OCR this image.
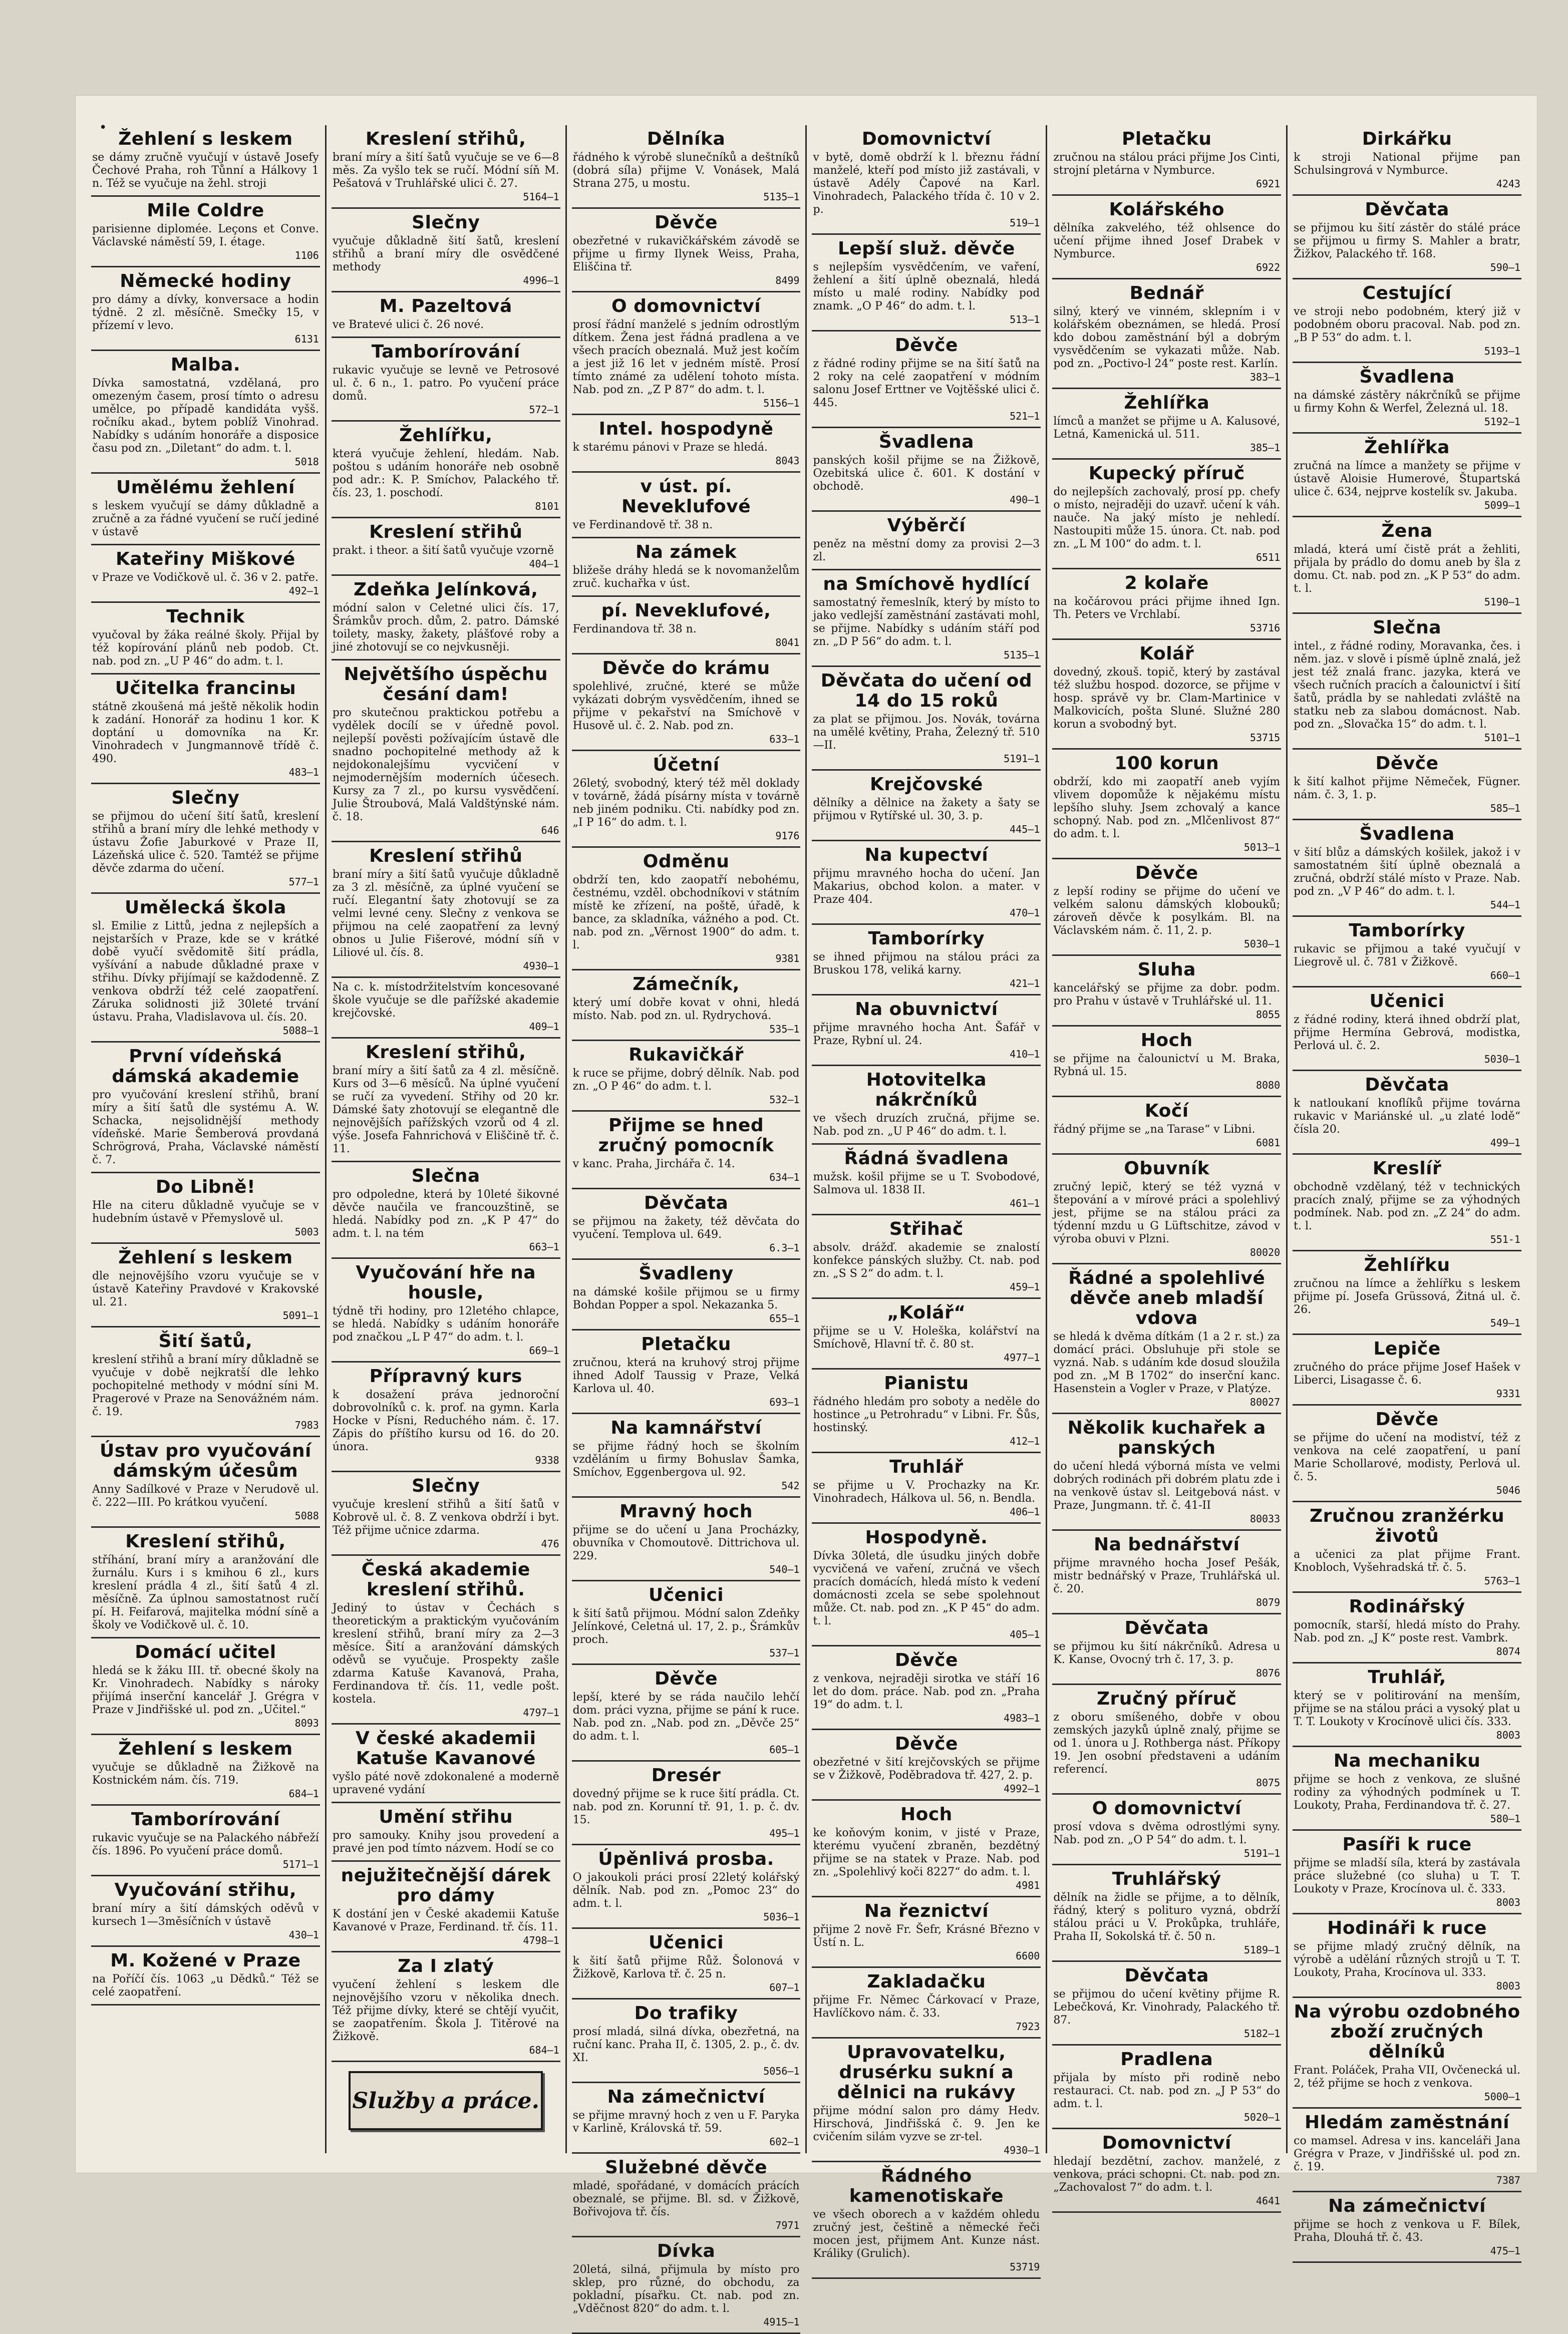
•
Žehlení s leskem

se dámy zručně vyučují v ústavě Josefy Čechové Praha, roh Tůnní a Hálkovy 1 n. Též se vyučuje na žehl. stroji

Mile Coldre

parisienne diplomée. Leçons et Conve. Václavské náměstí 59, I. étage.

1106
Německé hodiny

pro dámy a dívky, konversace a hodin týdně. 2 zl. měsíčně. Smečky 15, v přízemí v levo.

6131
Malba.

Dívka samostatná, vzdělaná, pro omezeným časem, prosí tímto o adresu umělce, po případě kandidáta vyšš. ročníku akad., bytem poblíž Vinohrad. Nabídky s udáním honoráře a disposice času pod zn. „Diletant“ do adm. t. l.

5018
Umělému žehlení

s leskem vyučují se dámy důkladně a zručně a za řádné vyučení se ručí jediné v ústavě

Kateřiny Miškové

v Praze ve Vodičkově ul. č. 36 v 2. patře.

492—1
Technik

vyučoval by žáka reálné školy. Přijal by též kopírování plánů neb podob. Ct. nab. pod zn. „U P 46“ do adm. t. l.

Učitelka francinы

státně zkoušená má ještě několik hodin k zadání. Honorář za hodinu 1 kor. K doptání u domovníka na Kr. Vinohradech v Jungmannově třídě č. 490.

483—1
Slečny

se přijmou do učení šití šatů, kreslení střihů a braní míry dle lehké methody v ústavu Žofie Jaburkové v Praze II, Lázeňská ulice č. 520. Tamtéž se přijme děvče zdarma do učení.

577—1
Umělecká škola

sl. Emilie z Littů, jedna z nejlepších a nejstarších v Praze, kde se v krátké době vyučí svědomitě šití prádla, vyšívání a nabude důkladné praxe v střihu. Dívky přijímají se každodenně. Z venkova obdrží též celé zaopatření. Záruka solidnosti již 30leté trvání ústavu. Praha, Vladislavova ul. čís. 20.

5088—1
První vídeňská dámská akademie

pro vyučování kreslení střihů, braní míry a šití šatů dle systému A. W. Schacka, nejsolidnější methody vídeňské. Marie Šemberová provdaná Schrögrová, Praha, Václavské náměstí č. 7.

Do Libně!

Hle na citeru důkladně vyučuje se v hudebním ústavě v Přemyslově ul.

5003
Žehlení s leskem

dle nejnovějšího vzoru vyučuje se v ústavě Kateřiny Pravdové v Krakovské ul. 21.

5091—1
Šití šatů,

kreslení střihů a braní míry důkladně se vyučuje v době nejkratší dle lehko pochopitelné methody v módní síni M. Pragerové v Praze na Senovážném nám. č. 19.

7983
Ústav pro vyučování dámským účesům

Anny Sadílkové v Praze v Nerudově ul. č. 222—III. Po krátkou vyučení.

5088
Kreslení střihů,

stříhání, braní míry a aranžování dle žurnálu. Kurs i s kmihou 6 zl., kurs kreslení prádla 4 zl., šití šatů 4 zl. měsíčně. Za úplnou samostatnost ručí pí. H. Feifarová, majitelka módní síně a školy ve Vodičkově ul. č. 10.

Domácí učitel

hledá se k žáku III. tř. obecné školy na Kr. Vinohradech. Nabídky s nároky přijímá inserční kancelář J. Grégra v Praze v Jindřišské ul. pod zn. „Učitel.“

8093
Žehlení s leskem

vyučuje se důkladně na Žižkově na Kostnickém nám. čís. 719.

684—1
Tamborírování

rukavic vyučuje se na Palackého nábřeží čís. 1896. Po vyučení práce domů.

5171—1
Vyučování střihu,

braní míry a šití dámských oděvů v kursech 1—3měsíčních v ústavě

430—1
M. Kožené v Praze

na Poříčí čís. 1063 „u Dědků.“ Též se celé zaopatření.

Kreslení střihů,

braní míry a šití šatů vyučuje se ve 6—8 měs. Za vyšlo tek se ručí. Módní síň M. Pešatová v Truhlářské ulici č. 27.

5164—1
Slečny

vyučuje důkladně šití šatů, kreslení střihů a braní míry dle osvědčené methody

4996—1
M. Pazeltová

ve Bratevé ulici č. 26 nové.

Tamborírování

rukavic vyučuje se levně ve Petrosové ul. č. 6 n., 1. patro. Po vyučení práce domů.

572—1
Žehlířku,

která vyučuje žehlení, hledám. Nab. poštou s udáním honoráře neb osobně pod adr.: K. P. Smíchov, Palackého tř. čís. 23, 1. poschodí.

8101
Kreslení střihů

prakt. i theor. a šití šatů vyučuje vzorně

404—1
Zdeňka Jelínková,

módní salon v Celetné ulici čís. 17, Šrámkův proch. dům, 2. patro. Dámské toilety, masky, žakety, plášťové roby a jiné zhotovují se co nejvkusněji.

Největšího úspěchu česání dam!

pro skutečnou praktickou potřebu a vydělek docílí se v úředně povol. nejlepší pověsti požívajícím ústavě dle snadno pochopitelné methody až k nejdokonalejšímu vycvičení v nejmodernějším moderních účesech. Kursy za 7 zl., po kursu vysvědčení. Julie Štroubová, Malá Valdštýnské nám. č. 18.

646
Kreslení střihů

braní míry a šití šatů vyučuje důkladně za 3 zl. měsíčně, za úplné vyučení se ručí. Elegantní šaty zhotovují se za velmi levné ceny. Slečny z venkova se přijmou na celé zaopatření za levný obnos u Julie Fišerové, módní síň v Liliové ul. čís. 8.

4930—1

Na c. k. místodržitelstvím koncesované škole vyučuje se dle pařížské akademie krejčovské.

409—1
Kreslení střihů,

braní míry a šití šatů za 4 zl. měsíčně. Kurs od 3—6 měsíců. Na úplné vyučení se ručí za vyvedení. Střihy od 20 kr. Dámské šaty zhotovují se elegantně dle nejnovějších pařížských vzorů od 4 zl. výše. Josefa Fahnrichová v Eliščině tř. č. 11.

Slečna

pro odpoledne, která by 10leté šikovné děvče naučila ve francouzštině, se hledá. Nabídky pod zn. „K P 47“ do adm. t. l. na tém

663—1
Vyučování hře na housle,

týdně tři hodiny, pro 12letého chlapce, se hledá. Nabídky s udáním honoráře pod značkou „L P 47“ do adm. t. l.

669—1
Přípravný kurs

k dosažení práva jednoroční dobrovolníků c. k. prof. na gymn. Karla Hocke v Písni, Reduchého nám. č. 17. Zápis do příštího kursu od 16. do 20. února.

9338
Slečny

vyučuje kreslení střihů a šití šatů v Kobrově ul. č. 8. Z venkova obdrží i byt. Též přijme učnice zdarma.

476
Česká akademie kreslení střihů.

Jediný to ústav v Čechách s theoretickým a praktickým vyučováním kreslení střihů, braní míry za 2—3 měsíce. Šití a aranžování dámských oděvů se vyučuje. Prospekty zašle zdarma Katuše Kavanová, Praha, Ferdinandova tř. čís. 11, vedle pošt. kostela.

4797—1
V české akademii Katuše Kavanové

vyšlo páté nově zdokonalené a moderně upravené vydání

Umění střihu

pro samouky. Knihy jsou provedení a pravé jen pod tímto názvem. Hodí se co

nejužitečnější dárek pro dámy

K dostání jen v České akademii Katuše Kavanové v Praze, Ferdinand. tř. čís. 11.

4798—1
Za I zlatý

vyučení žehlení s leskem dle nejnovějšího vzoru v několika dnech. Též přijme dívky, které se chtějí vyučit, se zaopatřením. Škola J. Titěrové na Žižkově.

684—1
Služby a práce.
Dělníka

řádného k výrobě slunečníků a deštníků (dobrá síla) přijme V. Vonásek, Malá Strana 275, u mostu.

5135—1
Děvče

obezřetné v rukavičkářském závodě se přijme u firmy Ilynek Weiss, Praha, Eliščina tř.

8499
O domovnictví

prosí řádní manželé s jedním odrostlým dítkem. Žena jest řádná pradlena a ve všech pracích obeznalá. Muž jest kočím a jest již 16 let v jedném místě. Prosí tímto známé za udělení tohoto místa. Nab. pod zn. „Z P 87“ do adm. t. l.

5156—1
Intel. hospodyně

k starému pánovi v Praze se hledá.

8043
v úst. pí. Neveklufové

ve Ferdinandově tř. 38 n.

Na zámek

bližeše dráhy hledá se k novomanželům zruč. kuchařka v úst.

pí. Neveklufové,

Ferdinandova tř. 38 n.

8041
Děvče do krámu

spolehlivé, zručné, které se může vykázati dobrým vysvědčením, ihned se přijme v pekařství na Smíchově v Husově ul. č. 2. Nab. pod zn.

633—1
Účetní

26letý, svobodný, který též měl doklady v továrně, žádá písárny místa v továrně neb jiném podniku. Cti. nabídky pod zn. „I P 16“ do adm. t. l.

9176
Odměnu

obdrží ten, kdo zaopatří nebohému, čestnému, vzděl. obchodníkovi v státním místě ke zřízení, na poště, úřadě, k bance, za skladníka, vážného a pod. Ct. nab. pod zn. „Věrnost 1900“ do adm. t. l.

9381
Zámečník,

který umí dobře kovat v ohni, hledá místo. Nab. pod zn. ul. Rydrychová.

535—1
Rukavičkář

k ruce se přijme, dobrý dělník. Nab. pod zn. „O P 46“ do adm. t. l.

532—1
Přijme se hned zručný pomocník

v kanc. Praha, Jirchářa č. 14.

634—1
Děvčata

se přijmou na žakety, též děvčata do vyučení. Templova ul. 649.

6.3—1
Švadleny

na dámské košile přijmou se u firmy Bohdan Popper a spol. Nekazanka 5.

655—1
Pletačku

zručnou, která na kruhový stroj přijme ihned Adolf Taussig v Praze, Velká Karlova ul. 40.

693—1
Na kamnářství

se přijme řádný hoch se školním vzděláním u firmy Bohuslav Šamka, Smíchov, Eggenbergova ul. 92.

542
Mravný hoch

přijme se do učení u Jana Procházky, obuvníka v Chomoutově. Dittrichova ul. 229.

540—1
Učenici

k šití šatů přijmou. Módní salon Zdeňky Jelínkové, Celetná ul. 17, 2. p., Šrámkův proch.

537—1
Děvče

lepší, které by se ráda naučilo lehčí dom. práci vyzna, přijme se pání k ruce. Nab. pod zn. „Nab. pod zn. „Děvče 25“ do adm. t. l.

605—1
Dresér

dovedný přijme se k ruce šití prádla. Ct. nab. pod zn. Korunní tř. 91, 1. p. č. dv. 15.

495—1
Úpěnlivá prosba.

O jakoukoli práci prosí 22letý kolářský dělník. Nab. pod zn. „Pomoc 23“ do adm. t. l.

5036—1
Učenici

k šití šatů přijme Růž. Šolonová v Žižkově, Karlova tř. č. 25 n.

607—1
Do trafiky

prosí mladá, silná dívka, obezřetná, na ruční kanc. Praha II, č. 1305, 2. p., č. dv. XI.

5056—1
Na zámečnictví

se přijme mravný hoch z ven u F. Paryka v Karlině, Královská tř. 59.

602—1
Služebné děvče

mladé, spořádané, v domácích prácích obeznalé, se přijme. Bl. sd. v Žižkově, Bořivojova tř. čís.

7971
Dívka

20letá, silná, přijmula by místo pro sklep, pro různé, do obchodu, za pokladní, písařku. Ct. nab. pod zn. „Vděčnost 820“ do adm. t. l.

4915—1
Domovnictví

v bytě, domě obdrží k l. březnu řádní manželé, kteří pod místo již zastávali, v ústavě Adély Čapové na Karl. Vinohradech, Palackého třída č. 10 v 2. p.

519—1
Lepší služ. děvče

s nejlepším vysvědčením, ve vaření, žehlení a šití úplně obeznalá, hledá místo u malé rodiny. Nabídky pod znamk. „O P 46“ do adm. t. l.

513—1
Děvče

z řádné rodiny přijme se na šití šatů na 2 roky na celé zaopatření v módním salonu Josef Erttner ve Vojtěšské ulici č. 445.

521—1
Švadlena

panských košil přijme se na Žižkově, Ozebitská ulice č. 601. K dostání v obchodě.

490—1
Výběrčí

peněz na městní domy za provisi 2—3 zl.

na Smíchově hydlící

samostatný řemeslník, který by místo to jako vedlejší zaměstnání zastávati mohl, se přijme. Nabídky s udáním stáří pod zn. „D P 56“ do adm. t. l.

5135—1
Děvčata do učení od 14 do 15 roků

za plat se přijmou. Jos. Novák, továrna na umělé květiny, Praha, Železný tř. 510—II.

5191—1
Krejčovské

dělníky a dělnice na žakety a šaty se přijmou v Rytířské ul. 30, 3. p.

445—1
Na kupectví

přijmu mravného hocha do učení. Jan Makarius, obchod kolon. a mater. v Praze 404.

470—1
Tamborírky

se ihned přijmou na stálou práci za Bruskou 178, veliká karny.

421—1
Na obuvnictví

přijme mravného hocha Ant. Šafář v Praze, Rybní ul. 24.

410—1
Hotovitelka nákrčníků

ve všech druzích zručná, přijme se. Nab. pod zn. „U P 46“ do adm. t. l.

Řádná švadlena

mužsk. košil přijme se u T. Svobodové, Salmova ul. 1838 II.

461—1
Střihač

absolv. drážď. akademie se znalostí konfekce pánských služby. Ct. nab. pod zn. „S S 2“ do adm. t. l.

459—1
„Kolář“

přijme se u V. Holeška, kolářství na Smíchově, Hlavní tř. č. 80 st.

4977—1
Pianistu

řádného hledám pro soboty a neděle do hostince „u Petrohradu“ v Libni. Fr. Šůs, hostinský.

412—1
Truhlář

se přijme u V. Prochazky na Kr. Vinohradech, Hálkova ul. 56, n. Bendla.

406—1
Hospodyně.

Dívka 30letá, dle úsudku jiných dobře vycvičená ve vaření, zručná ve všech pracích domácích, hledá místo k vedení domácnosti zcela se sebe spolehnout může. Ct. nab. pod zn. „K P 45“ do adm. t. l.

405—1
Děvče

z venkova, nejraději sirotka ve stáří 16 let do dom. práce. Nab. pod zn. „Praha 19“ do adm. t. l.

4983—1
Děvče

obezřetné v šití krejčovských se přijme se v Žižkově, Poděbradova tř. 427, 2. p.

4992—1
Hoch

ke koňovým konim, v jisté v Praze, kterému vyučení zbraněn, bezdětný přijme se na statek v Praze. Nab. pod zn. „Spolehlivý koči 8227“ do adm. t. l.

4981
Na řeznictví

přijme 2 nově Fr. Šefr, Krásné Březno v Ústí n. L.

6600
Zakladačku

přijme Fr. Němec Čárkovací v Praze, Havlíčkovo nám. č. 33.

7923
Upravovatelku, drusérku sukní a dělnici na rukávy

přijme módní salon pro dámy Hedv. Hirschová, Jindřišská č. 9. Jen ke cvičením silám vyzve se zr-tel.

4930—1
Řádného kamenotiskaře

ve všech oborech a v každém ohledu zručný jest, češtině a německé řeči mocen jest, přijmem Ant. Kunze nást. Králiky (Grulich).

53719
Pletačku

zručnou na stálou práci přijme Jos Cinti, strojní pletárna v Nymburce.

6921
Kolářského

dělníka zakvelého, též ohlsence do učení přijme ihned Josef Drabek v Nymburce.

6922
Bednář

silný, který ve vinném, sklepním i v kolářském obeznámen, se hledá. Prosí kdo dobou zaměstnání býl a dobrým vysvědčením se vykazati může. Nab. pod zn. „Poctivo-l 24“ poste rest. Karlín.

383—1
Žehlířka

límců a manžet se přijme u A. Kalusové, Letná, Kamenická ul. 511.

385—1
Kupecký příruč

do nejlepších zachovalý, prosí pp. chefy o místo, nejraději do uzavř. učení k váh. nauče. Na jaký místo je nehledí. Nastoupiti může 15. února. Ct. nab. pod zn. „L M 100“ do adm. t. l.

6511
2 kolaře

na kočárovou práci přijme ihned Ign. Th. Peters ve Vrchlabí.

53716
Kolář

dovedný, zkouš. topič, který by zastával též službu hospod. dozorce, se přijme v hosp. správě vy br. Clam-Martinice v Malkovicích, pošta Sluné. Služné 280 korun a svobodný byt.

53715
100 korun

obdrží, kdo mi zaopatří aneb vyjím vlivem dopomůže k nějakému místu lepšího sluhy. Jsem zchovalý a kance schopný. Nab. pod zn. „Mlčenlivost 87“ do adm. t. l.

5013—1
Děvče

z lepší rodiny se přijme do učení ve velkém salonu dámských klobouků; zároveň děvče k posylkám. Bl. na Václavském nám. č. 11, 2. p.

5030—1
Sluha

kancelářský se přijme za dobr. podm. pro Prahu v ústavě v Truhlářské ul. 11.

8055
Hoch

se přijme na čalounictví u M. Braka, Rybná ul. 15.

8080
Kočí

řádný přijme se „na Tarase“ v Libni.

6081
Obuvník

zručný lepič, který se též vyzná v štepování a v mírové práci a spolehlivý jest, přijme se na stálou práci za týdenní mzdu u G Lüftschitze, závod v výroba obuvi v Plzni.

80020
Řádné a spolehlivé děvče aneb mladší vdova

se hledá k dvěma dítkám (1 a 2 r. st.) za domácí práci. Obsluhuje při stole se vyzná. Nab. s udáním kde dosud sloužila pod zn. „M B 1702“ do inserční kanc. Hasenstein a Vogler v Praze, v Platýze.

80027
Několik kuchařek a panských

do učení hledá výborná místa ve velmi dobrých rodinách při dobrém platu zde i na venkově ústav sl. Leitgebová nást. v Praze, Jungmann. tř. č. 41-II

80033
Na bednářství

přijme mravného hocha Josef Pešák, mistr bednářský v Praze, Truhlářská ul. č. 20.

8079
Děvčata

se přijmou ku šití nákrčníků. Adresa u K. Kanse, Ovocný trh č. 17, 3. p.

8076
Zručný příruč

z oboru smíšeného, dobře v obou zemských jazyků úplně znalý, přijme se od 1. února u J. Rothberga nást. Příkopy 19. Jen osobní představeni a udáním referencí.

8075
O domovnictví

prosí vdova s dvěma odrostlými syny. Nab. pod zn. „O P 54“ do adm. t. l.

5191—1
Truhlářský

dělník na židle se přijme, a to dělník, řádný, který s polituro vyzná, obdrží stálou práci u V. Prokůpka, truhláře, Praha II, Sokolská tř. č. 50 n.

5189—1
Děvčata

se přijmou do učení květiny přijme R. Lebečková, Kr. Vinohrady, Palackého tř. 87.

5182—1
Pradlena

přijala by místo při rodině nebo restauraci. Ct. nab. pod zn. „J P 53“ do adm. t. l.

5020—1
Domovnictví

hledají bezdětní, zachov. manželé, z venkova, práci schopni. Ct. nab. pod zn. „Zachovalost 7“ do adm. t. l.

4641
Dirkářku

k stroji National přijme pan Schulsingrová v Nymburce.

4243
Děvčata

se přijmou ku šití zástěr do stálé práce se přijmou u firmy S. Mahler a bratr, Žižkov, Palackého tř. 168.

590—1
Cestující

ve stroji nebo podobném, který již v podobném oboru pracoval. Nab. pod zn. „B P 53“ do adm. t. l.

5193—1
Švadlena

na dámské zástěry nákrčníků se přijme u firmy Kohn & Werfel, Železná ul. 18.

5192—1
Žehlířka

zručná na límce a manžety se přijme v ústavě Aloisie Humerové, Štupartská ulice č. 634, nejprve kostelík sv. Jakuba.

5099—1
Žena

mladá, která umí čistě prát a žehliti, přijala by prádlo do domu aneb by šla z domu. Ct. nab. pod zn. „K P 53“ do adm. t. l.

5190—1
Slečna

intel., z řádné rodiny, Moravanka, čes. i něm. jaz. v slově i písmě úplně znalá, jež jest též znalá franc. jazyka, která ve všech ručních pracích a čalounictví i šití šatů, prádla by se nahledati zvláště na statku neb za slabou domácnost. Nab. pod zn. „Slovačka 15“ do adm. t. l.

5101—1
Děvče

k šití kalhot přijme Němeček, Fügner. nám. č. 3, 1. p.

585—1
Švadlena

v šití blůz a dámských košilek, jakož i v samostatném šití úplně obeznalá a zručná, obdrží stálé místo v Praze. Nab. pod zn. „V P 46“ do adm. t. l.

544—1
Tamborírky

rukavic se přijmou a také vyučují v Liegrově ul. č. 781 v Žižkově.

660—1
Učenici

z řádné rodiny, která ihned obdrží plat, přijme Hermína Gebrová, modistka, Perlová ul. č. 2.

5030—1
Děvčata

k natloukaní knoflíků přijme továrna rukavic v Mariánské ul. „u zlaté lodě“ čísla 20.

499—1
Kreslíř

obchodně vzdělaný, též v technických pracích znalý, přijme se za výhodných podmínek. Nab. pod zn. „Z 24“ do adm. t. l.

551-1
Žehlířku

zručnou na límce a žehlířku s leskem přijme pí. Josefa Grüssová, Žitná ul. č. 26.

549—1
Lepiče

zručného do práce přijme Josef Hašek v Liberci, Lisagasse č. 6.

9331
Děvče

se přijme do učení na modiství, též z venkova na celé zaopatření, u paní Marie Schollarové, modisty, Perlová ul. č. 5.

5046
Zručnou zranžérku životů

a učenici za plat přijme Frant. Knobloch, Vyšehradská tř. č. 5.

5763—1
Rodinářský

pomocník, starší, hledá místo do Prahy. Nab. pod zn. „J K“ poste rest. Vambrk.

8074
Truhlář,

který se v politirování na menším, přijme se na stálou práci a vysoký plat u T. T. Loukoty v Krocínově ulici čís. 333.

8003
Na mechaniku

přijme se hoch z venkova, ze slušné rodiny za výhodných podmínek u T. Loukoty, Praha, Ferdinandova tř. č. 27.

580—1
Pasíři k ruce

přijme se mladší síla, která by zastávala práce služebné (co sluha) u T. T. Loukoty v Praze, Krocínova ul. č. 333.

8003
Hodináři k ruce

se přijme mladý zručný dělník, na výrobě a udělání různých strojů u T. T. Loukoty, Praha, Krocínova ul. 333.

8003
Na výrobu ozdobného zboží zručných dělníků

Frant. Poláček, Praha VII, Ovčenecká ul. 2, též přijme se hoch z venkova.

5000—1
Hledám zaměstnání

co mamsel. Adresa v ins. kanceláři Jana Grégra v Praze, v Jindřišské ul. pod zn. č. 19.

7387
Na zámečnictví

přijme se hoch z venkova u F. Bílek, Praha, Dlouhá tř. č. 43.

475—1
